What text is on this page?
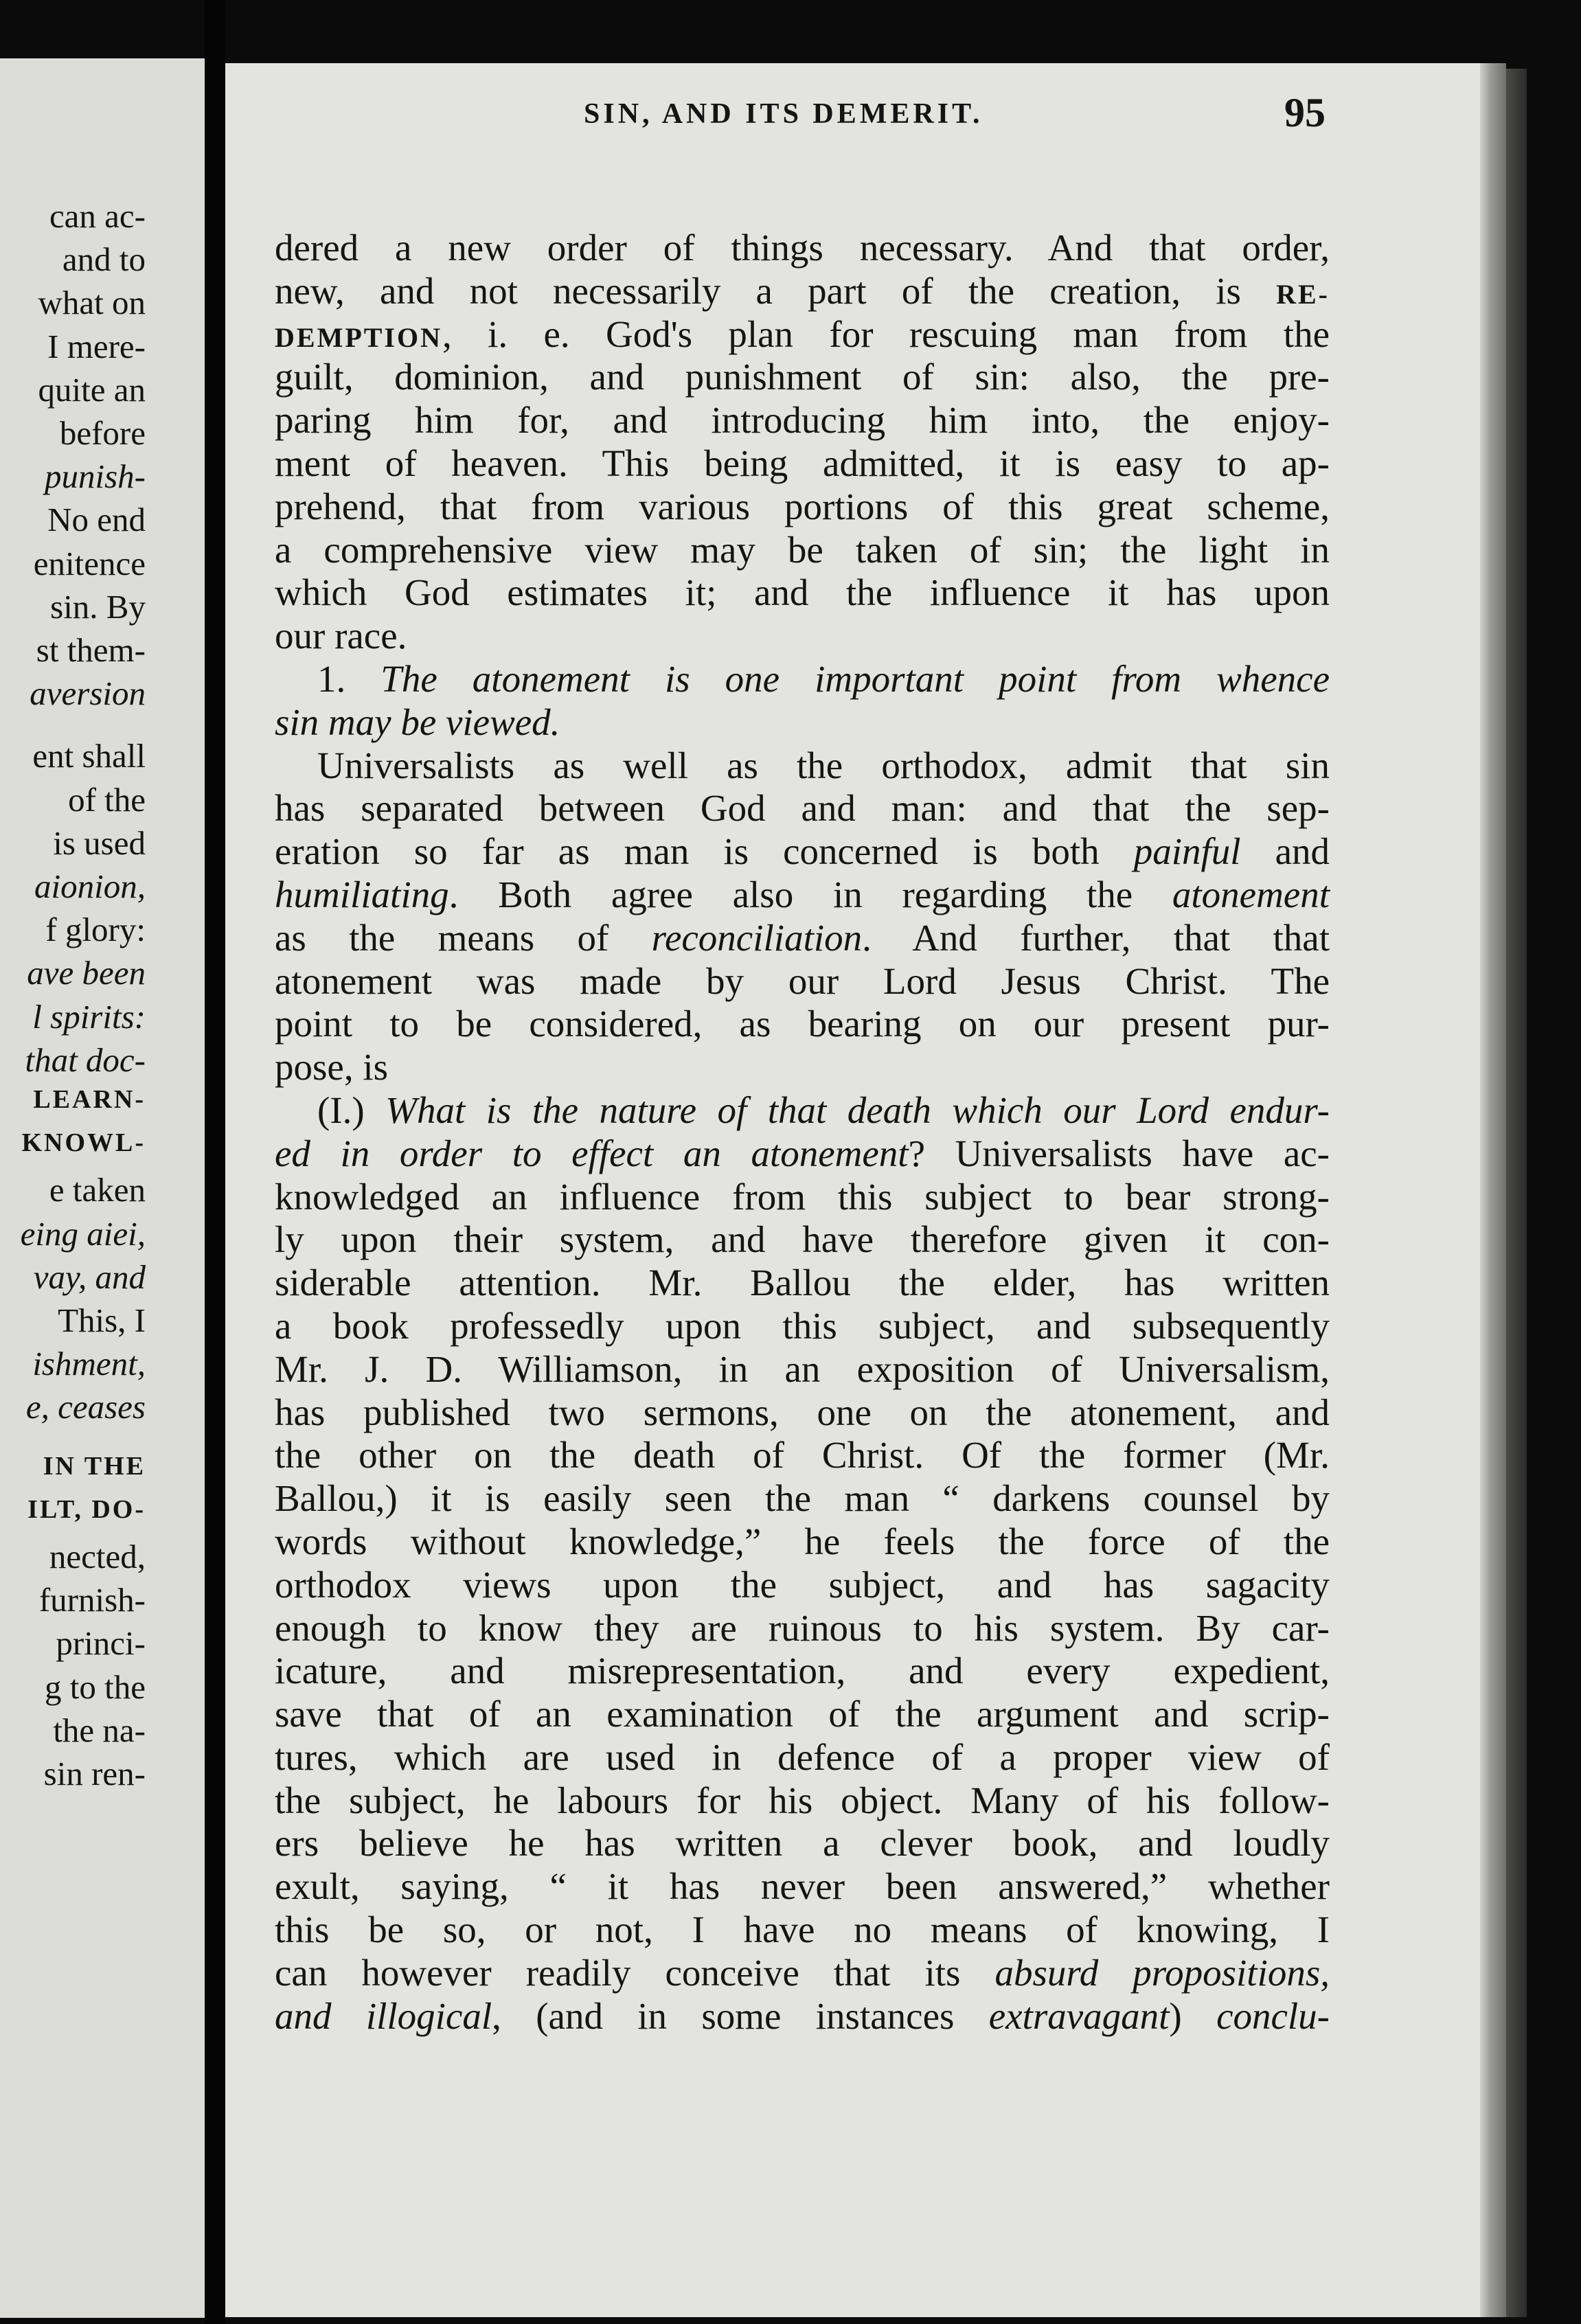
can ac-
and to
what on
I mere-
quite an
before
punish-
No end
enitence
sin. By
st them-
aversion
ent shall
of the
is used
aionion,
f glory:
ave been
l spirits:
that doc-
LEARN-
KNOWL-
e taken
eing aiei,
vay, and
This, I
ishment,
e, ceases
IN THE
ILT, DO-
nected,
furnish-
princi-
g to the
the na-
sin ren-
SIN, AND ITS DEMERIT.	95
dered a new order of things necessary. And that order,
new, and not necessarily a part of the creation, is RE-
DEMPTION, i. e. God's plan for rescuing man from the
guilt, dominion, and punishment of sin: also, the pre-
paring him for, and introducing him into, the enjoy-
ment of heaven. This being admitted, it is easy to ap-
prehend, that from various portions of this great scheme,
a comprehensive view may be taken of sin; the light in
which God estimates it; and the influence it has upon
our race.
1. The atonement is one important point from whence
sin may be viewed.
Universalists as well as the orthodox, admit that sin
has separated between God and man: and that the sep-
eration so far as man is concerned is both painful and
humiliating. Both agree also in regarding the atonement
as the means of reconciliation. And further, that that
atonement was made by our Lord Jesus Christ. The
point to be considered, as bearing on our present pur-
pose, is
(I.) What is the nature of that death which our Lord endur-
ed in order to effect an atonement? Universalists have ac-
knowledged an influence from this subject to bear strong-
ly upon their system, and have therefore given it con-
siderable attention. Mr. Ballou the elder, has written
a book professedly upon this subject, and subsequently
Mr. J. D. Williamson, in an exposition of Universalism,
has published two sermons, one on the atonement, and
the other on the death of Christ. Of the former (Mr.
Ballou,) it is easily seen the man “ darkens counsel by
words without knowledge,” he feels the force of the
orthodox views upon the subject, and has sagacity
enough to know they are ruinous to his system. By car-
icature, and misrepresentation, and every expedient,
save that of an examination of the argument and scrip-
tures, which are used in defence of a proper view of
the subject, he labours for his object. Many of his follow-
ers believe he has written a clever book, and loudly
exult, saying, “ it has never been answered,” whether
this be so, or not, I have no means of knowing, I
can however readily conceive that its absurd propositions,
and illogical, (and in some instances extravagant) conclu-
